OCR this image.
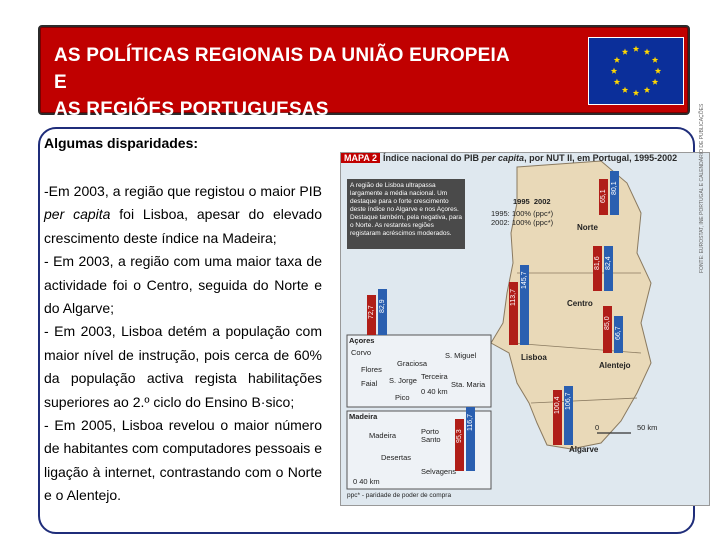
AS POLÍTICAS REGIONAIS DA UNIÃO EUROPEIA E
AS REGIÕES PORTUGUESAS
Algumas disparidades:

-Em 2003, a região que registou o maior PIB per capita foi Lisboa, apesar do elevado crescimento deste índice na Madeira;

- Em 2003, a região com uma maior taxa de actividade foi o Centro, seguida do Norte e do Algarve;

- Em 2003, Lisboa detém a população com maior nível de instrução, pois cerca de 60% da população activa regista habilitações superiores ao 2.º ciclo do Ensino B·sico;

- Em 2005, Lisboa revelou o maior número de habitantes com computadores pessoais e ligação à internet, contrastando com o Norte e o Alentejo.

MAPA 2 Índice nacional do PIB per capita, por NUT II, em Portugal, 1995-2002
A região de Lisboa ultrapassa largamente a média nacional. Um destaque para o forte crescimento deste índice no Algarve e nos Açores. Destaque também, pela negativa, para o Norte. As restantes regiões registaram acréscimos moderados.
1995 2002
1995: 100% (ppc*)
2002: 100% (ppc*)
65,1
80,1
81,6 82,4
113,7
145,7
85,0
66,7
100,4 106,7
72,7 82,9
95,3
116,7
Norte
Centro
Lisboa
Alentejo
Algarve
Açores
Corvo
Flores
Graciosa
S. Miguel
Faial S. Jorge Terceira
Pico
Sta. Maria
0 40 km
Madeira
Madeira	Porto Santo
Desertas
Selvagens
0 40 km
0	50 km
ppc* - paridade de poder de compra
FONTE: EUROSTAT, INE PORTUGAL E CALENDÁRIO DE PUBLICAÇÕES
